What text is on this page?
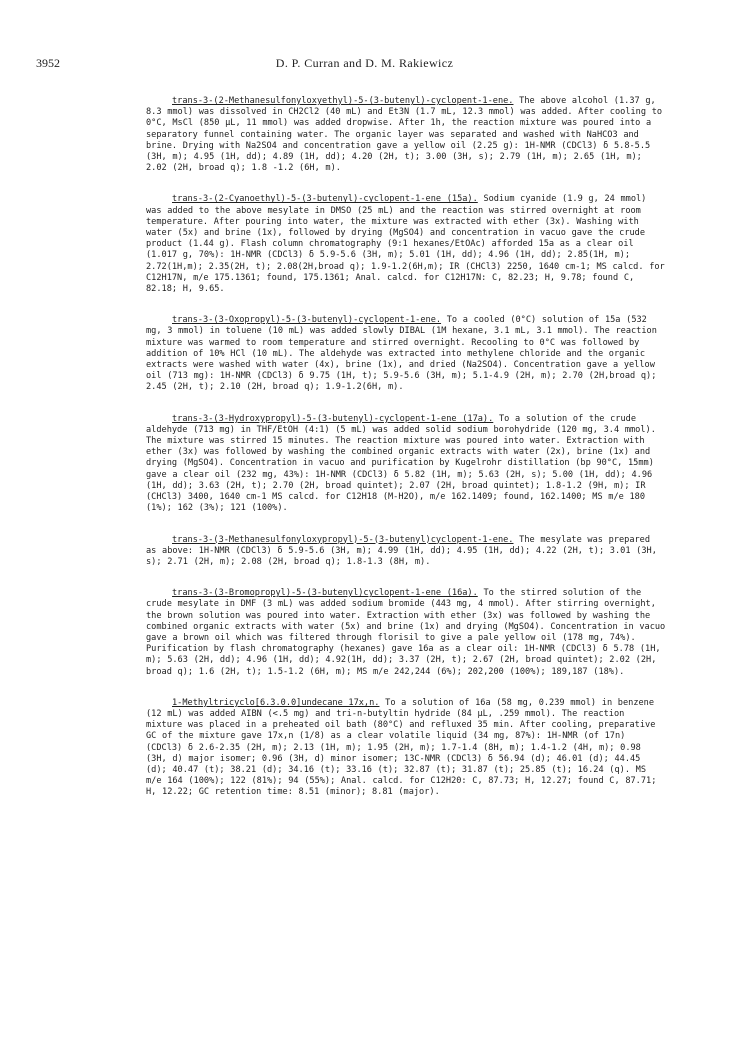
3952	D. P. Curran and D. M. Rakiewicz

trans-3-(2-Methanesulfonyloxyethyl)-5-(3-butenyl)-cyclopent-1-ene. The above alcohol (1.37 g, 8.3 mmol) was dissolved in CH2Cl2 (40 mL) and Et3N (1.7 mL, 12.3 mmol) was added. After cooling to 0°C, MsCl (850 µL, 11 mmol) was added dropwise. After 1h, the reaction mixture was poured into a separatory funnel containing water. The organic layer was separated and washed with NaHCO3 and brine. Drying with Na2SO4 and concentration gave a yellow oil (2.25 g): 1H-NMR (CDCl3) δ 5.8-5.5 (3H, m); 4.95 (1H, dd); 4.89 (1H, dd); 4.20 (2H, t); 3.00 (3H, s); 2.79 (1H, m); 2.65 (1H, m); 2.02 (2H, broad q); 1.8 -1.2 (6H, m).

trans-3-(2-Cyanoethyl)-5-(3-butenyl)-cyclopent-1-ene (15a). Sodium cyanide (1.9 g, 24 mmol) was added to the above mesylate in DMSO (25 mL) and the reaction was stirred overnight at room temperature. After pouring into water, the mixture was extracted with ether (3x). Washing with water (5x) and brine (1x), followed by drying (MgSO4) and concentration in vacuo gave the crude product (1.44 g). Flash column chromatography (9:1 hexanes/EtOAc) afforded 15a as a clear oil (1.017 g, 70%): 1H-NMR (CDCl3) δ 5.9-5.6 (3H, m); 5.01 (1H, dd); 4.96 (1H, dd); 2.85(1H, m); 2.72(1H,m); 2.35(2H, t); 2.08(2H,broad q); 1.9-1.2(6H,m); IR (CHCl3) 2250, 1640 cm-1; MS calcd. for C12H17N, m/e 175.1361; found, 175.1361; Anal. calcd. for C12H17N: C, 82.23; H, 9.78; found C, 82.18; H, 9.65.

trans-3-(3-Oxopropyl)-5-(3-butenyl)-cyclopent-1-ene. To a cooled (0°C) solution of 15a (532 mg, 3 mmol) in toluene (10 mL) was added slowly DIBAL (1M hexane, 3.1 mL, 3.1 mmol). The reaction mixture was warmed to room temperature and stirred overnight. Recooling to 0°C was followed by addition of 10% HCl (10 mL). The aldehyde was extracted into methylene chloride and the organic extracts were washed with water (4x), brine (1x), and dried (Na2SO4). Concentration gave a yellow oil (713 mg): 1H-NMR (CDCl3) δ 9.75 (1H, t); 5.9-5.6 (3H, m); 5.1-4.9 (2H, m); 2.70 (2H,broad q); 2.45 (2H, t); 2.10 (2H, broad q); 1.9-1.2(6H, m).

trans-3-(3-Hydroxypropyl)-5-(3-butenyl)-cyclopent-1-ene (17a). To a solution of the crude aldehyde (713 mg) in THF/EtOH (4:1) (5 mL) was added solid sodium borohydride (120 mg, 3.4 mmol). The mixture was stirred 15 minutes. The reaction mixture was poured into water. Extraction with ether (3x) was followed by washing the combined organic extracts with water (2x), brine (1x) and drying (MgSO4). Concentration in vacuo and purification by Kugelrohr distillation (bp 90°C, 15mm) gave a clear oil (232 mg, 43%): 1H-NMR (CDCl3) δ 5.82 (1H, m); 5.63 (2H, s); 5.00 (1H, dd); 4.96 (1H, dd); 3.63 (2H, t); 2.70 (2H, broad quintet); 2.07 (2H, broad quintet); 1.8-1.2 (9H, m); IR (CHCl3) 3400, 1640 cm-1 MS calcd. for C12H18 (M-H2O), m/e 162.1409; found, 162.1400; MS m/e 180 (1%); 162 (3%); 121 (100%).

trans-3-(3-Methanesulfonyloxypropyl)-5-(3-butenyl)cyclopent-1-ene. The mesylate was prepared as above: 1H-NMR (CDCl3) δ 5.9-5.6 (3H, m); 4.99 (1H, dd); 4.95 (1H, dd); 4.22 (2H, t); 3.01 (3H, s); 2.71 (2H, m); 2.08 (2H, broad q); 1.8-1.3 (8H, m).

trans-3-(3-Bromopropyl)-5-(3-butenyl)cyclopent-1-ene (16a). To the stirred solution of the crude mesylate in DMF (3 mL) was added sodium bromide (443 mg, 4 mmol). After stirring overnight, the brown solution was poured into water. Extraction with ether (3x) was followed by washing the combined organic extracts with water (5x) and brine (1x) and drying (MgSO4). Concentration in vacuo gave a brown oil which was filtered through florisil to give a pale yellow oil (178 mg, 74%). Purification by flash chromatography (hexanes) gave 16a as a clear oil: 1H-NMR (CDCl3) δ 5.78 (1H, m); 5.63 (2H, dd); 4.96 (1H, dd); 4.92(1H, dd); 3.37 (2H, t); 2.67 (2H, broad quintet); 2.02 (2H, broad q); 1.6 (2H, t); 1.5-1.2 (6H, m); MS m/e 242,244 (6%); 202,200 (100%); 189,187 (18%).

1-Methyltricyclo[6.3.0.0]undecane 17x,n. To a solution of 16a (58 mg, 0.239 mmol) in benzene (12 mL) was added AIBN (<.5 mg) and tri-n-butyltin hydride (84 µL, .259 mmol). The reaction mixture was placed in a preheated oil bath (80°C) and refluxed 35 min. After cooling, preparative GC of the mixture gave 17x,n (1/8) as a clear volatile liquid (34 mg, 87%): 1H-NMR (of 17n) (CDCl3) δ 2.6-2.35 (2H, m); 2.13 (1H, m); 1.95 (2H, m); 1.7-1.4 (8H, m); 1.4-1.2 (4H, m); 0.98 (3H, d) major isomer; 0.96 (3H, d) minor isomer; 13C-NMR (CDCl3) δ 56.94 (d); 46.01 (d); 44.45 (d); 40.47 (t); 38.21 (d); 34.16 (t); 33.16 (t); 32.87 (t); 31.87 (t); 25.85 (t); 16.24 (q). MS m/e 164 (100%); 122 (81%); 94 (55%); Anal. calcd. for C12H20: C, 87.73; H, 12.27; found C, 87.71; H, 12.22; GC retention time: 8.51 (minor); 8.81 (major).
